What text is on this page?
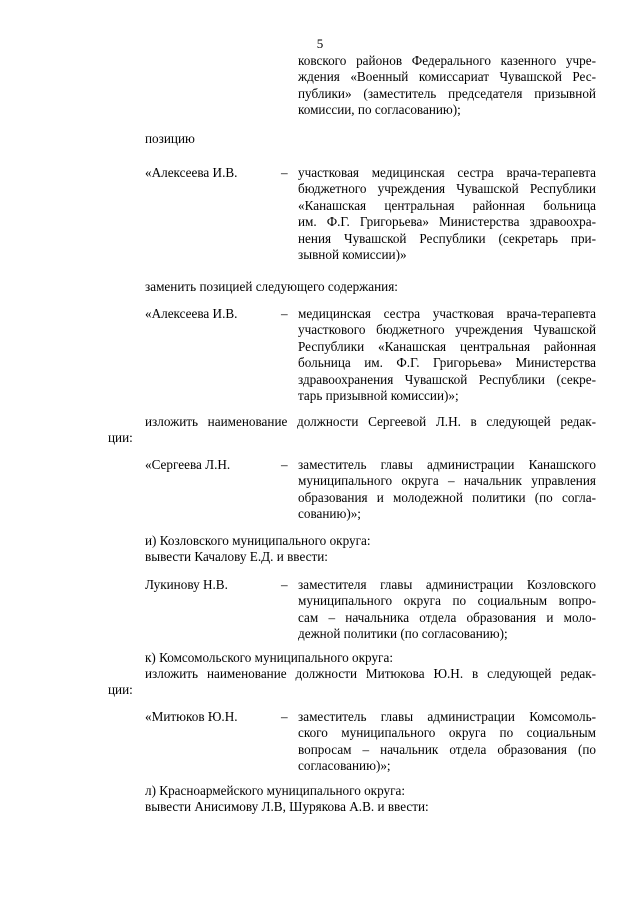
5
ковского районов Федерального казенного учре-
ждения «Военный комиссариат Чувашской Рес-
публики» (заместитель председателя призывной
комиссии, по согласованию);
позицию
«Алексеева И.В.	– участковая медицинская сестра врача-терапевта
бюджетного учреждения Чувашской Республики
«Канашская центральная районная больница
им. Ф.Г. Григорьева» Министерства здравоохра-
нения Чувашской Республики (секретарь при-
зывной комиссии)»
заменить позицией следующего содержания:
«Алексеева И.В.	– медицинская сестра участковая врача-терапевта
участкового бюджетного учреждения Чувашской
Республики «Канашская центральная районная
больница им. Ф.Г. Григорьева» Министерства
здравоохранения Чувашской Республики (секре-
тарь призывной комиссии)»;
изложить наименование должности Сергеевой Л.Н. в следующей редак-
ции:
«Сергеева Л.Н.	– заместитель главы администрации Канашского
муниципального округа – начальник управления
образования и молодежной политики (по согла-
сованию)»;
и) Козловского муниципального округа:
вывести Качалову Е.Д. и ввести:
Лукинову Н.В.	– заместителя главы администрации Козловского
муниципального округа по социальным вопро-
сам – начальника отдела образования и моло-
дежной политики (по согласованию);
к) Комсомольского муниципального округа:
изложить наименование должности Митюкова Ю.Н. в следующей редак-
ции:
«Митюков Ю.Н.	– заместитель главы администрации Комсомоль-
ского муниципального округа по социальным
вопросам – начальник отдела образования (по
согласованию)»;
л) Красноармейского муниципального округа:
вывести Анисимову Л.В, Шурякова А.В. и ввести:
